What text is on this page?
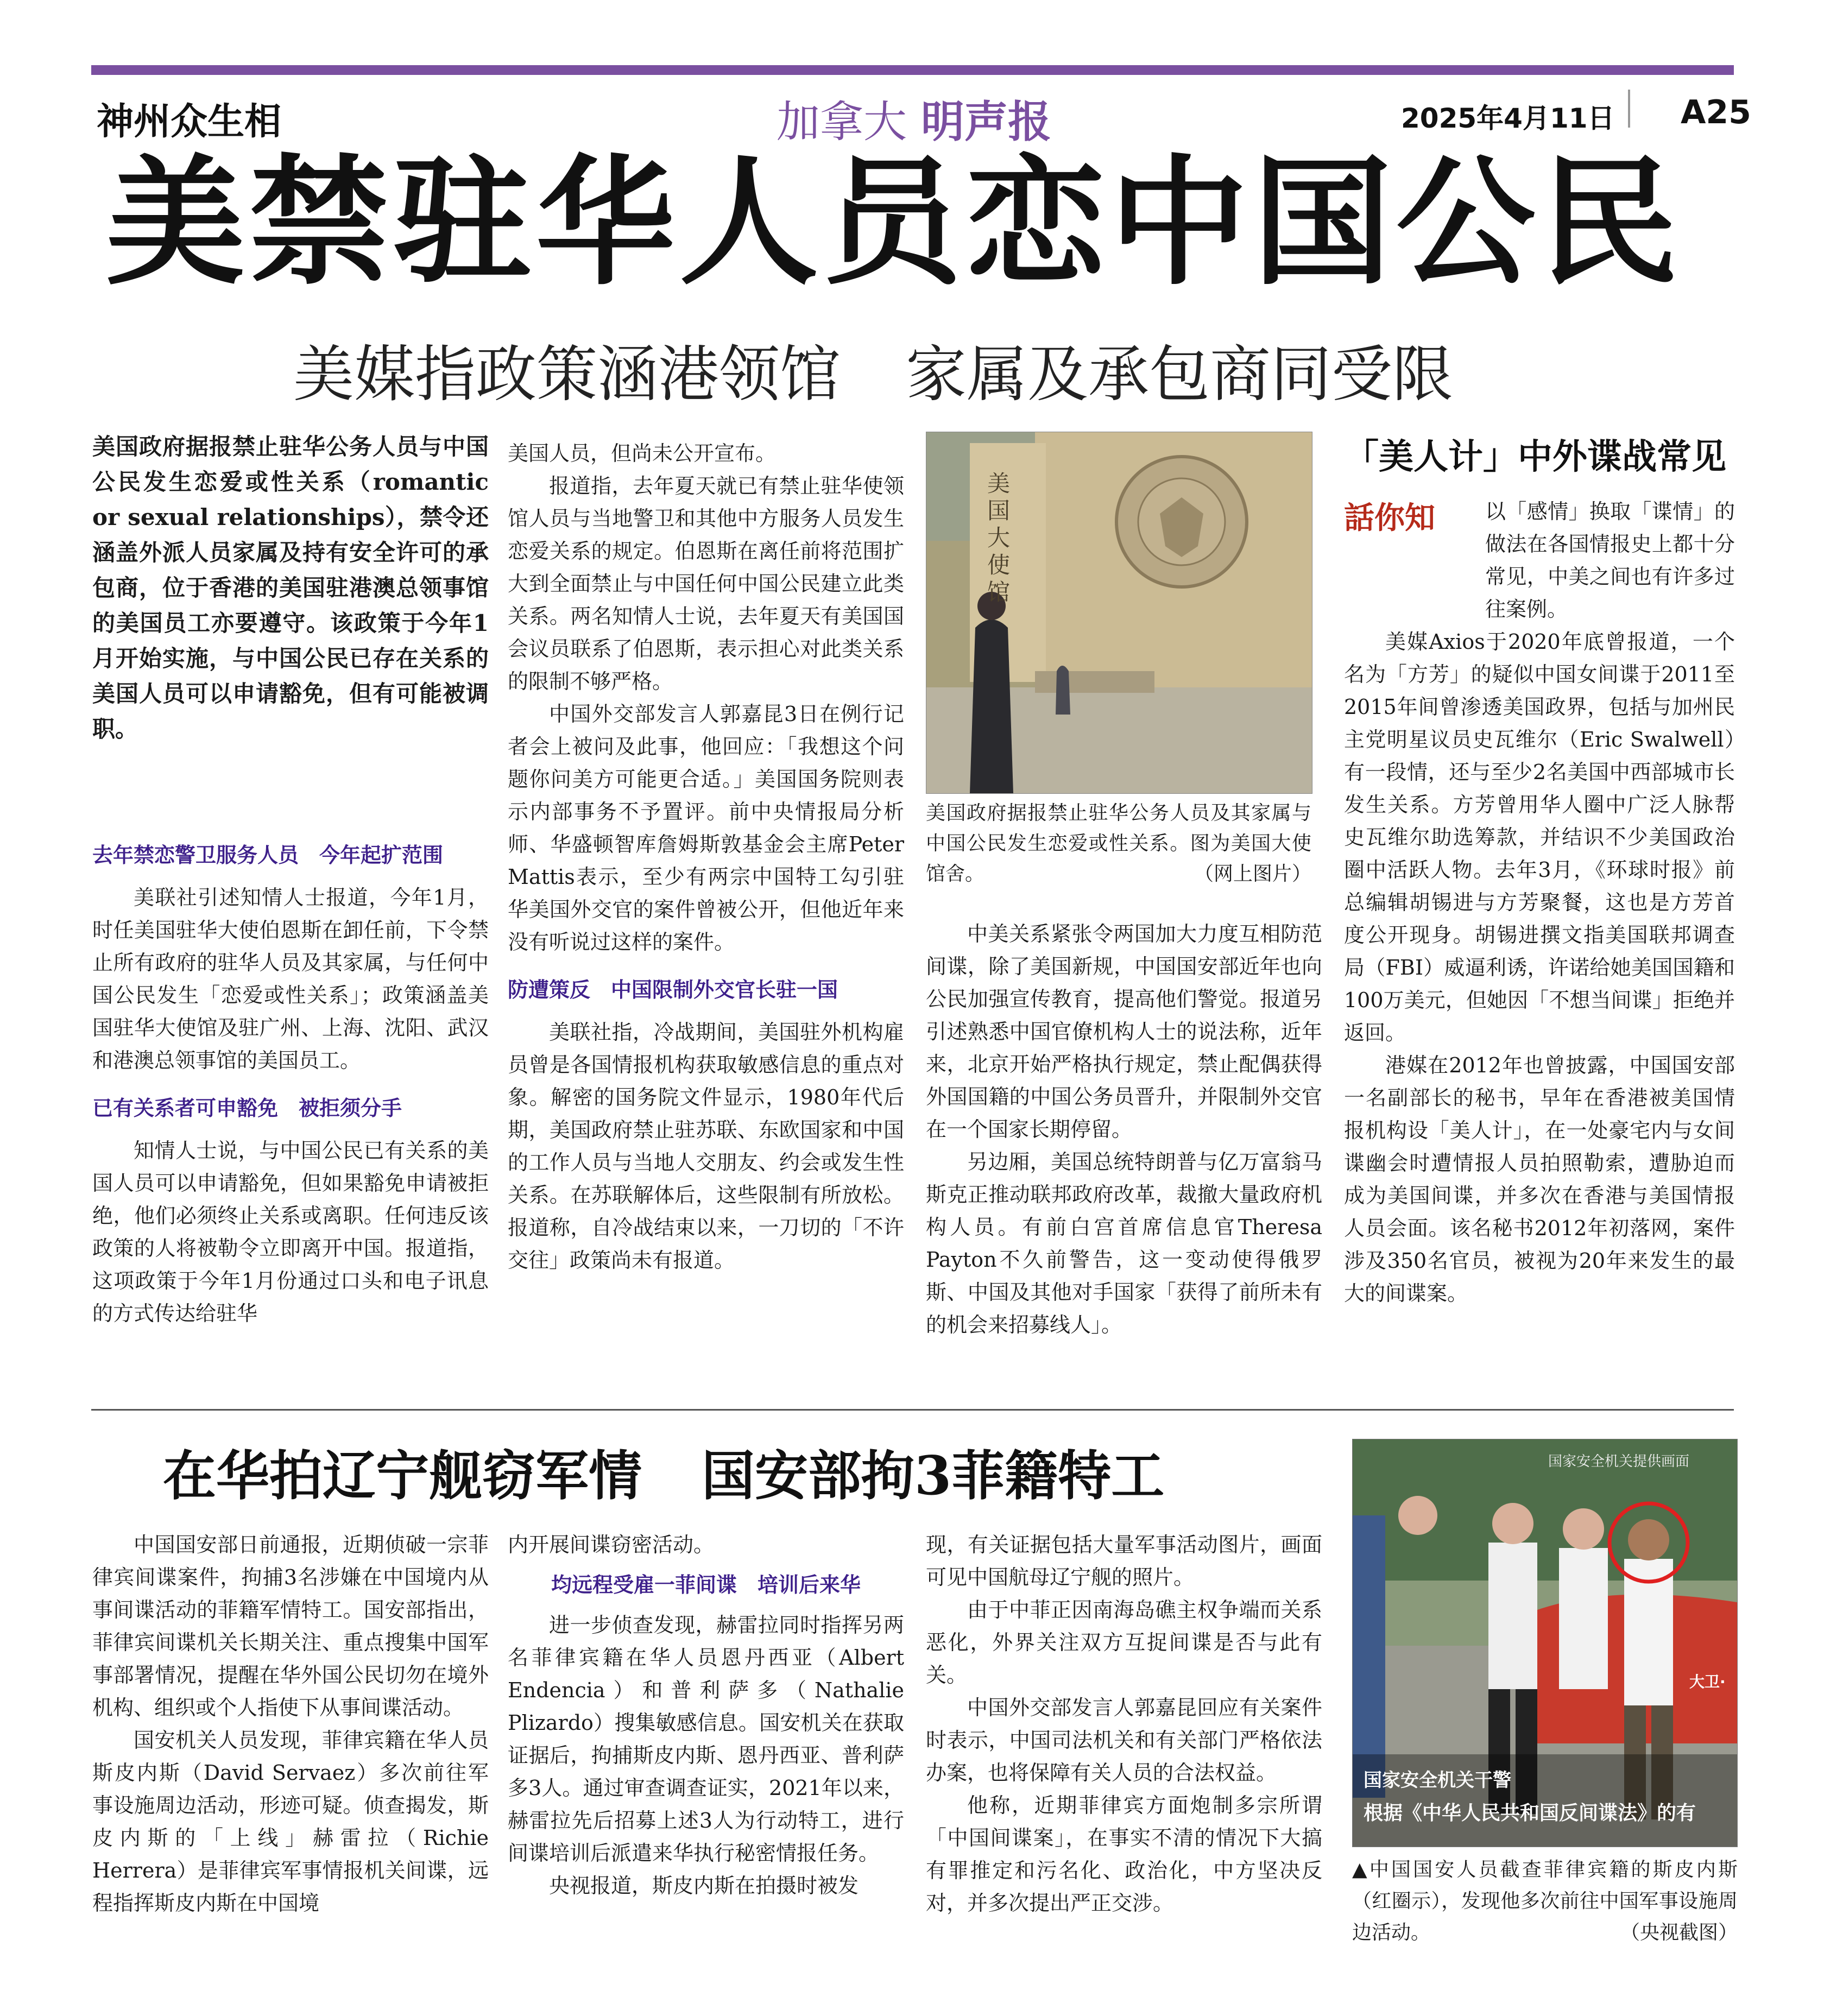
神州众生相	加拿大 明声报	2025年4月11日 A25
美禁驻华人员恋中国公民
美媒指政策涵港领馆 家属及承包商同受限
美国政府据报禁止驻华公务人员与中国公民发生恋爱或性关系（romantic or sexual relationships），禁令还涵盖外派人员家属及持有安全许可的承包商，位于香港的美国驻港澳总领事馆的美国员工亦要遵守。该政策于今年1月开始实施，与中国公民已存在关系的美国人员可以申请豁免，但有可能被调职。
去年禁恋警卫服务人员　今年起扩范围

美联社引述知情人士报道，今年1月，时任美国驻华大使伯恩斯在卸任前，下令禁止所有政府的驻华人员及其家属，与任何中国公民发生「恋爱或性关系」；政策涵盖美国驻华大使馆及驻广州、上海、沈阳、武汉和港澳总领事馆的美国员工。

已有关系者可申豁免　被拒须分手

知情人士说，与中国公民已有关系的美国人员可以申请豁免，但如果豁免申请被拒绝，他们必须终止关系或离职。任何违反该政策的人将被勒令立即离开中国。报道指，这项政策于今年1月份通过口头和电子讯息的方式传达给驻华

美国人员，但尚未公开宣布。

报道指，去年夏天就已有禁止驻华使领馆人员与当地警卫和其他中方服务人员发生恋爱关系的规定。伯恩斯在离任前将范围扩大到全面禁止与中国任何中国公民建立此类关系。两名知情人士说，去年夏天有美国国会议员联系了伯恩斯，表示担心对此类关系的限制不够严格。

中国外交部发言人郭嘉昆3日在例行记者会上被问及此事，他回应：「我想这个问题你问美方可能更合适。」美国国务院则表示内部事务不予置评。前中央情报局分析师、华盛顿智库詹姆斯敦基金会主席Peter Mattis表示，至少有两宗中国特工勾引驻华美国外交官的案件曾被公开，但他近年来没有听说过这样的案件。

防遭策反　中国限制外交官长驻一国

美联社指，冷战期间，美国驻外机构雇员曾是各国情报机构获取敏感信息的重点对象。解密的国务院文件显示，1980年代后期，美国政府禁止驻苏联、东欧国家和中国的工作人员与当地人交朋友、约会或发生性关系。在苏联解体后，这些限制有所放松。报道称，自冷战结束以来，一刀切的「不许交往」政策尚未有报道。

美国大使馆
美国政府据报禁止驻华公务人员及其家属与中国公民发生恋爱或性关系。图为美国大使馆舍。	（网上图片）

中美关系紧张令两国加大力度互相防范间谍，除了美国新规，中国国安部近年也向公民加强宣传教育，提高他们警觉。报道另引述熟悉中国官僚机构人士的说法称，近年来，北京开始严格执行规定，禁止配偶获得外国国籍的中国公务员晋升，并限制外交官在一个国家长期停留。

另边厢，美国总统特朗普与亿万富翁马斯克正推动联邦政府改革，裁撤大量政府机构人员。有前白宫首席信息官Theresa Payton不久前警告，这一变动使得俄罗斯、中国及其他对手国家「获得了前所未有的机会来招募线人」。

「美人计」中外谍战常见
話你知	以「感情」换取「谍情」的做法在各国情报史上都十分常见，中美之间也有许多过往案例。

美媒Axios于2020年底曾报道，一个名为「方芳」的疑似中国女间谍于2011至2015年间曾渗透美国政界，包括与加州民主党明星议员史瓦维尔（Eric Swalwell）有一段情，还与至少2名美国中西部城市长发生关系。方芳曾用华人圈中广泛人脉帮史瓦维尔助选筹款，并结识不少美国政治圈中活跃人物。去年3月，《环球时报》前总编辑胡锡进与方芳聚餐，这也是方芳首度公开现身。胡锡进撰文指美国联邦调查局（FBI）威逼利诱，许诺给她美国国籍和100万美元，但她因「不想当间谍」拒绝并返回。

港媒在2012年也曾披露，中国国安部一名副部长的秘书，早年在香港被美国情报机构设「美人计」，在一处豪宅内与女间谍幽会时遭情报人员拍照勒索，遭胁迫而成为美国间谍，并多次在香港与美国情报人员会面。该名秘书2012年初落网，案件涉及350名官员，被视为20年来发生的最大的间谍案。

在华拍辽宁舰窃军情 国安部拘3菲籍特工

中国国安部日前通报，近期侦破一宗菲律宾间谍案件，拘捕3名涉嫌在中国境内从事间谍活动的菲籍军情特工。国安部指出，菲律宾间谍机关长期关注、重点搜集中国军事部署情况，提醒在华外国公民切勿在境外机构、组织或个人指使下从事间谍活动。

国安机关人员发现，菲律宾籍在华人员斯皮内斯（David Servaez）多次前往军事设施周边活动，形迹可疑。侦查揭发，斯皮内斯的「上线」赫雷拉（Richie Herrera）是菲律宾军事情报机关间谍，远程指挥斯皮内斯在中国境

内开展间谍窃密活动。

均远程受雇一菲间谍　培训后来华

进一步侦查发现，赫雷拉同时指挥另两名菲律宾籍在华人员恩丹西亚（Albert Endencia）和普利萨多（Nathalie Plizardo）搜集敏感信息。国安机关在获取证据后，拘捕斯皮内斯、恩丹西亚、普利萨多3人。通过审查调查证实，2021年以来，赫雷拉先后招募上述3人为行动特工，进行间谍培训后派遣来华执行秘密情报任务。

央视报道，斯皮内斯在拍摄时被发

现，有关证据包括大量军事活动图片，画面可见中国航母辽宁舰的照片。

由于中菲正因南海岛礁主权争端而关系恶化，外界关注双方互捉间谍是否与此有关。

中国外交部发言人郭嘉昆回应有关案件时表示，中国司法机关和有关部门严格依法办案，也将保障有关人员的合法权益。

他称，近期菲律宾方面炮制多宗所谓「中国间谍案」，在事实不清的情况下大搞有罪推定和污名化、政治化，中方坚决反对，并多次提出严正交涉。

国家安全机关提供画面
大卫·
国家安全机关干警
根据《中华人民共和国反间谍法》的有
▲中国国安人员截查菲律宾籍的斯皮内斯（红圈示），发现他多次前往中国军事设施周边活动。	（央视截图）
